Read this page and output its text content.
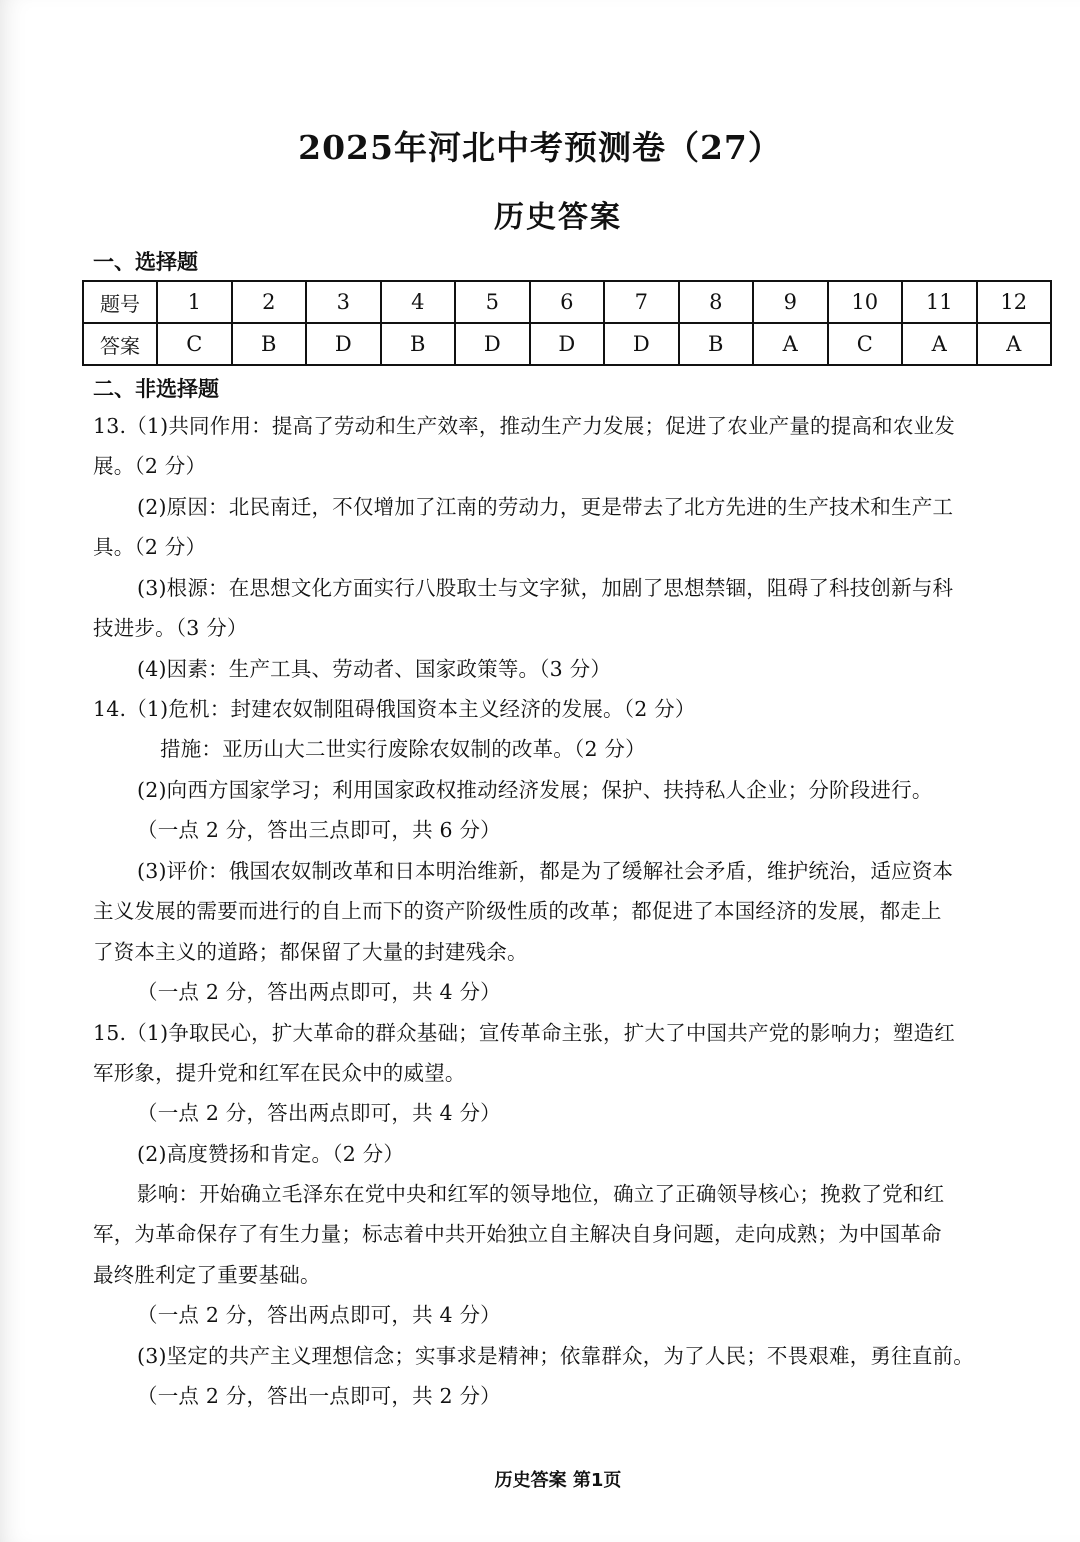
2025年河北中考预测卷（27）
历史答案
一、选择题
题号	1	2	3	4	5	6	7	8	9	10	11	12
答案	C	B	D	B	D	D	D	B	A	C	A	A
二、非选择题
13.（1)共同作用：提高了劳动和生产效率，推动生产力发展；促进了农业产量的提高和农业发
展。（2 分）
(2)原因：北民南迁，不仅增加了江南的劳动力，更是带去了北方先进的生产技术和生产工
具。（2 分）
(3)根源：在思想文化方面实行八股取士与文字狱，加剧了思想禁锢，阻碍了科技创新与科
技进步。（3 分）
(4)因素：生产工具、劳动者、国家政策等。（3 分）
14.（1)危机：封建农奴制阻碍俄国资本主义经济的发展。（2 分）
措施：亚历山大二世实行废除农奴制的改革。（2 分）
(2)向西方国家学习；利用国家政权推动经济发展；保护、扶持私人企业；分阶段进行。
（一点 2 分，答出三点即可，共 6 分）
(3)评价：俄国农奴制改革和日本明治维新，都是为了缓解社会矛盾，维护统治，适应资本
主义发展的需要而进行的自上而下的资产阶级性质的改革；都促进了本国经济的发展，都走上
了资本主义的道路；都保留了大量的封建残余。
（一点 2 分，答出两点即可，共 4 分）
15.（1)争取民心，扩大革命的群众基础；宣传革命主张，扩大了中国共产党的影响力；塑造红
军形象，提升党和红军在民众中的威望。
（一点 2 分，答出两点即可，共 4 分）
(2)高度赞扬和肯定。（2 分）
影响：开始确立毛泽东在党中央和红军的领导地位，确立了正确领导核心；挽救了党和红
军，为革命保存了有生力量；标志着中共开始独立自主解决自身问题，走向成熟；为中国革命
最终胜利定了重要基础。
（一点 2 分，答出两点即可，共 4 分）
(3)坚定的共产主义理想信念；实事求是精神；依靠群众，为了人民；不畏艰难，勇往直前。
（一点 2 分，答出一点即可，共 2 分）
历史答案 第1页
